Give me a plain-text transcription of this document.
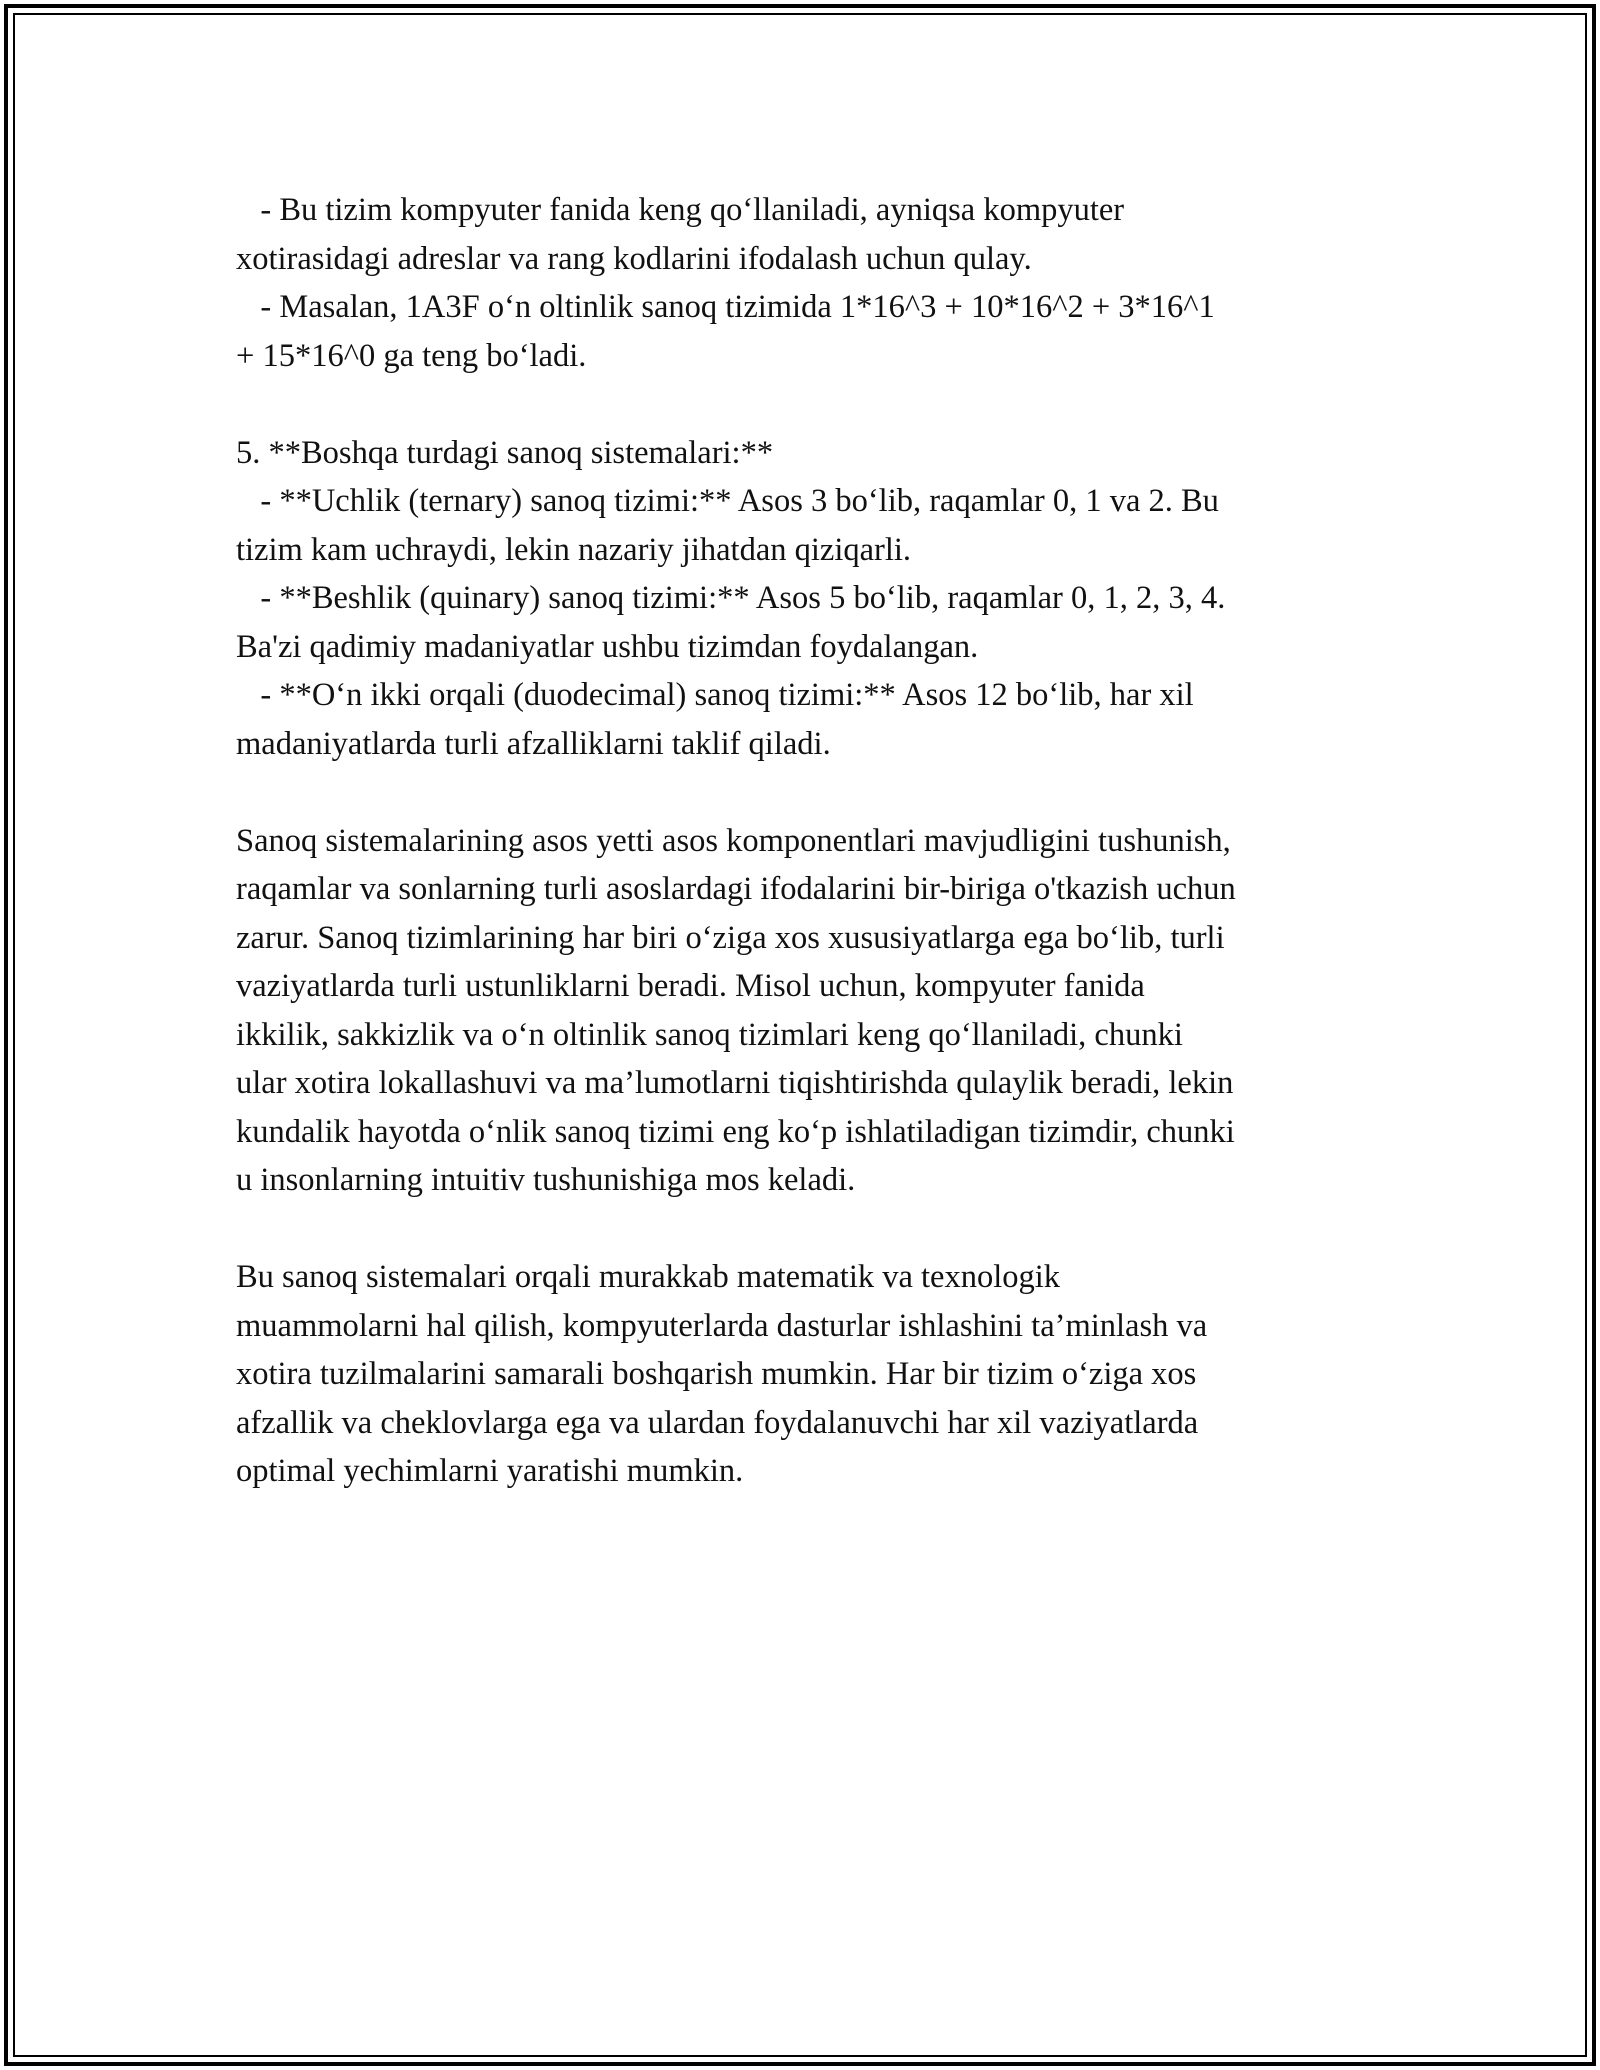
- Bu tizim kompyuter fanida keng qo‘llaniladi, ayniqsa kompyuter
xotirasidagi adreslar va rang kodlarini ifodalash uchun qulay.
- Masalan, 1A3F o‘n oltinlik sanoq tizimida 1*16^3 + 10*16^2 + 3*16^1
+ 15*16^0 ga teng bo‘ladi.
5. **Boshqa turdagi sanoq sistemalari:**
- **Uchlik (ternary) sanoq tizimi:** Asos 3 bo‘lib, raqamlar 0, 1 va 2. Bu
tizim kam uchraydi, lekin nazariy jihatdan qiziqarli.
- **Beshlik (quinary) sanoq tizimi:** Asos 5 bo‘lib, raqamlar 0, 1, 2, 3, 4.
Ba'zi qadimiy madaniyatlar ushbu tizimdan foydalangan.
- **O‘n ikki orqali (duodecimal) sanoq tizimi:** Asos 12 bo‘lib, har xil
madaniyatlarda turli afzalliklarni taklif qiladi.
Sanoq sistemalarining asos yetti asos komponentlari mavjudligini tushunish,
raqamlar va sonlarning turli asoslardagi ifodalarini bir-biriga o'tkazish uchun
zarur. Sanoq tizimlarining har biri o‘ziga xos xususiyatlarga ega bo‘lib, turli
vaziyatlarda turli ustunliklarni beradi. Misol uchun, kompyuter fanida
ikkilik, sakkizlik va o‘n oltinlik sanoq tizimlari keng qo‘llaniladi, chunki
ular xotira lokallashuvi va ma’lumotlarni tiqishtirishda qulaylik beradi, lekin
kundalik hayotda o‘nlik sanoq tizimi eng ko‘p ishlatiladigan tizimdir, chunki
u insonlarning intuitiv tushunishiga mos keladi.
Bu sanoq sistemalari orqali murakkab matematik va texnologik
muammolarni hal qilish, kompyuterlarda dasturlar ishlashini ta’minlash va
xotira tuzilmalarini samarali boshqarish mumkin. Har bir tizim o‘ziga xos
afzallik va cheklovlarga ega va ulardan foydalanuvchi har xil vaziyatlarda
optimal yechimlarni yaratishi mumkin.
